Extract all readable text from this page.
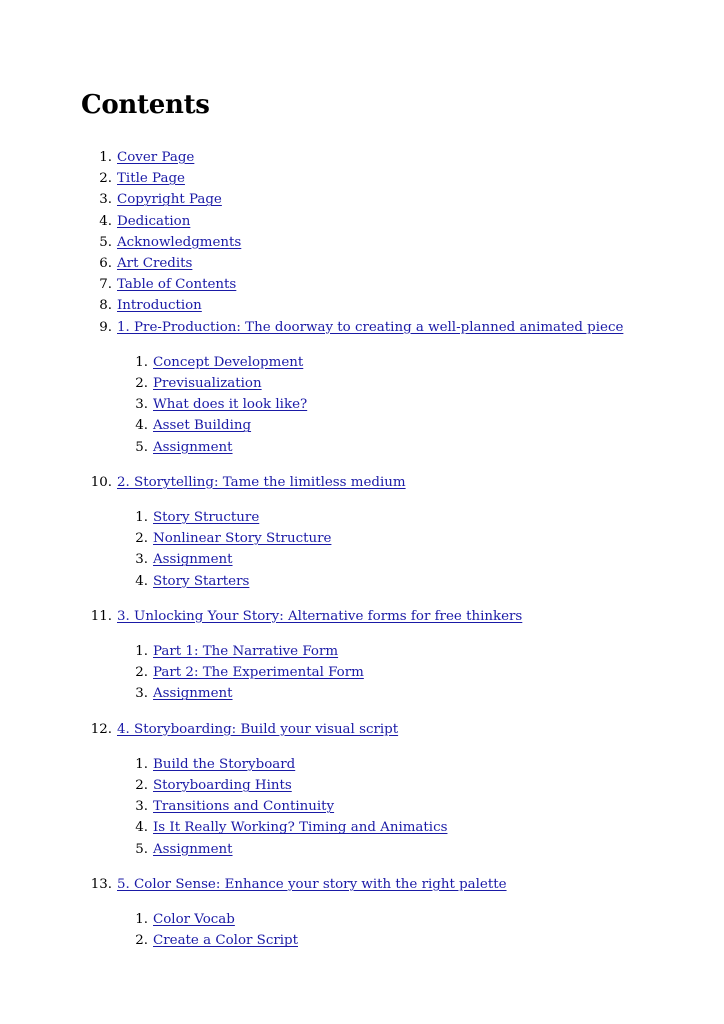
Contents
1. Cover Page
2. Title Page
3. Copyright Page
4. Dedication
5. Acknowledgments
6. Art Credits
7. Table of Contents
8. Introduction
9. 1. Pre-Production: The doorway to creating a well-planned animated piece
1. Concept Development
2. Previsualization
3. What does it look like?
4. Asset Building
5. Assignment
10. 2. Storytelling: Tame the limitless medium
1. Story Structure
2. Nonlinear Story Structure
3. Assignment
4. Story Starters
11. 3. Unlocking Your Story: Alternative forms for free thinkers
1. Part 1: The Narrative Form
2. Part 2: The Experimental Form
3. Assignment
12. 4. Storyboarding: Build your visual script
1. Build the Storyboard
2. Storyboarding Hints
3. Transitions and Continuity
4. Is It Really Working? Timing and Animatics
5. Assignment
13. 5. Color Sense: Enhance your story with the right palette
1. Color Vocab
2. Create a Color Script
